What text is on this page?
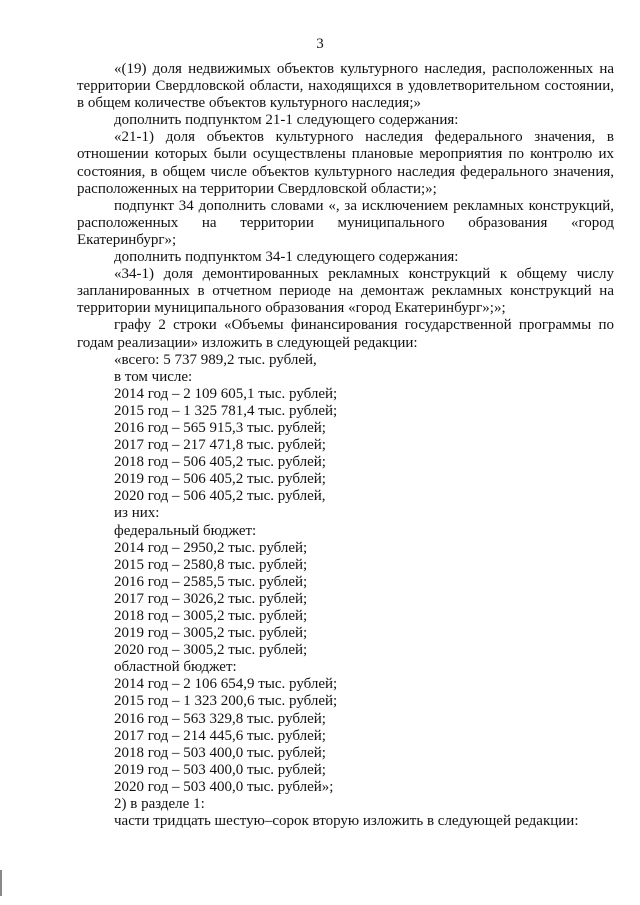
3

«(19) доля недвижимых объектов культурного наследия, расположенных на территории Свердловской области, находящихся в удовлетворительном состоянии, в общем количестве объектов культурного наследия;»

дополнить подпунктом 21-1 следующего содержания:

«21-1) доля объектов культурного наследия федерального значения, в отношении которых были осуществлены плановые мероприятия по контролю их состояния, в общем числе объектов культурного наследия федерального значения, расположенных на территории Свердловской области;»;

подпункт 34 дополнить словами «, за исключением рекламных конструкций, расположенных на территории муниципального образования «город Екатеринбург»;

дополнить подпунктом 34-1 следующего содержания:

«34-1) доля демонтированных рекламных конструкций к общему числу запланированных в отчетном периоде на демонтаж рекламных конструкций на территории муниципального образования «город Екатеринбург»;»;

графу 2 строки «Объемы финансирования государственной программы по годам реализации» изложить в следующей редакции:

«всего: 5 737 989,2 тыс. рублей,

в том числе:

2014 год – 2 109 605,1 тыс. рублей;

2015 год – 1 325 781,4 тыс. рублей;

2016 год – 565 915,3 тыс. рублей;

2017 год – 217 471,8 тыс. рублей;

2018 год – 506 405,2 тыс. рублей;

2019 год – 506 405,2 тыс. рублей;

2020 год – 506 405,2 тыс. рублей,

из них:

федеральный бюджет:

2014 год – 2950,2 тыс. рублей;

2015 год – 2580,8 тыс. рублей;

2016 год – 2585,5 тыс. рублей;

2017 год – 3026,2 тыс. рублей;

2018 год – 3005,2 тыс. рублей;

2019 год – 3005,2 тыс. рублей;

2020 год – 3005,2 тыс. рублей;

областной бюджет:

2014 год – 2 106 654,9 тыс. рублей;

2015 год – 1 323 200,6 тыс. рублей;

2016 год – 563 329,8 тыс. рублей;

2017 год – 214 445,6 тыс. рублей;

2018 год – 503 400,0 тыс. рублей;

2019 год – 503 400,0 тыс. рублей;

2020 год – 503 400,0 тыс. рублей»;

2) в разделе 1:

части тридцать шестую–сорок вторую изложить в следующей редакции:
